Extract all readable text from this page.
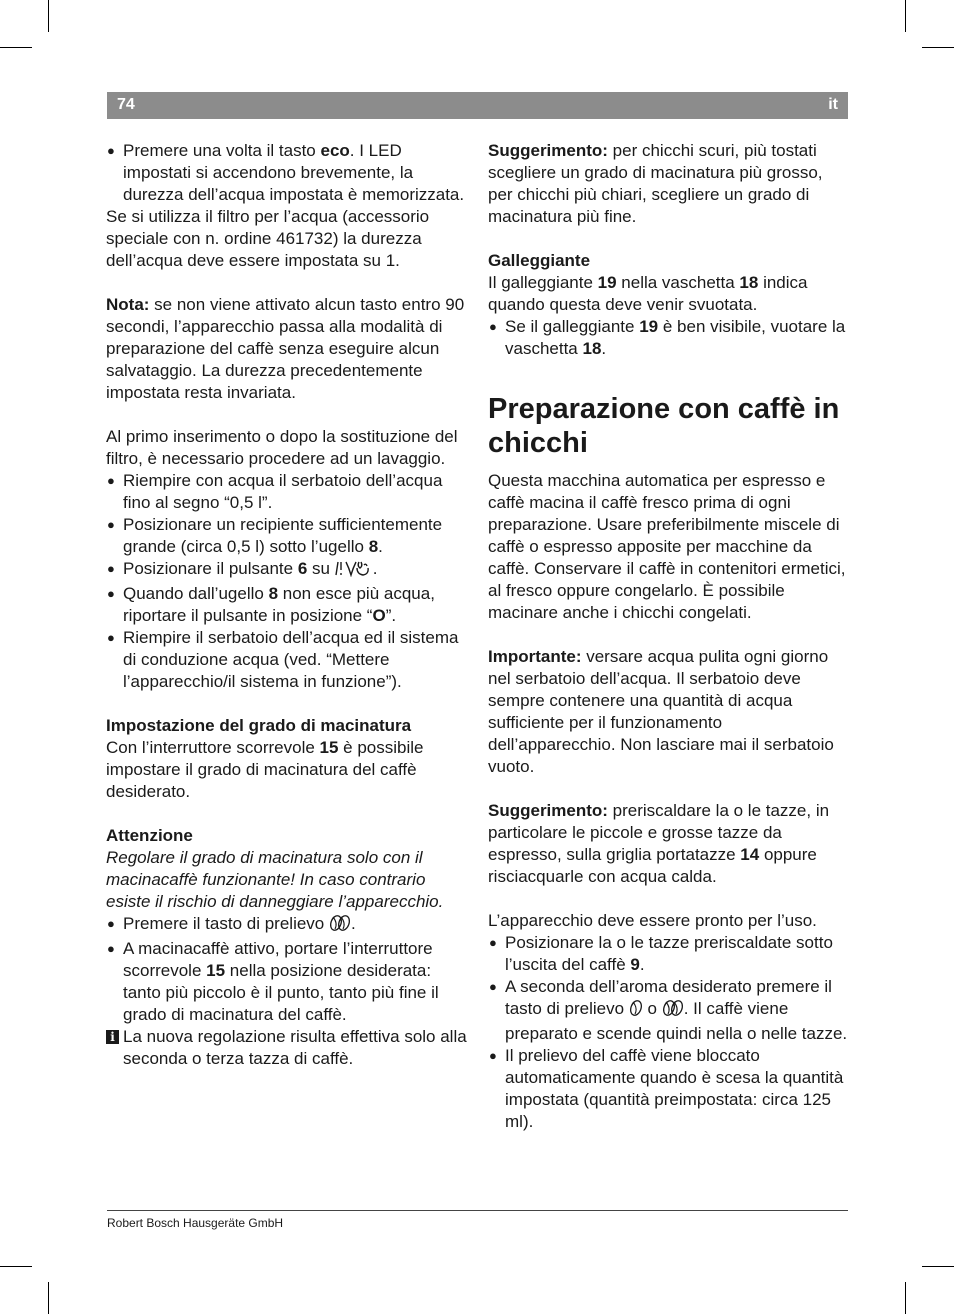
74	it

● Premere una volta il tasto eco. I LED impostati si accendono brevemente, la durezza dell’acqua impostata è memorizzata.

Se si utilizza il filtro per l’acqua (accessorio speciale con n. ordine 461732) la durezza dell’acqua deve essere impostata su 1.

Nota: se non viene attivato alcun tasto entro 90 secondi, l’apparecchio passa alla modalità di preparazione del caffè senza eseguire alcun salvataggio. La durezza precedentemente impostata resta invariata.

Al primo inserimento o dopo la sostituzione del filtro, è necessario procedere ad un lavaggio.

● Riempire con acqua il serbatoio dell’acqua fino al segno “0,5 l”.

● Posizionare un recipiente sufficientemente grande (circa 0,5 l) sotto l’ugello 8.

● Posizionare il pulsante 6 su .

● Quando dall’ugello 8 non esce più acqua, riportare il pulsante in posizione “O”.

● Riempire il serbatoio dell’acqua ed il sistema di conduzione acqua (ved. “Mettere l’apparecchio/il sistema in funzione”).

Impostazione del grado di macinatura

Con l’interruttore scorrevole 15 è possibile impostare il grado di macinatura del caffè desiderato.

Attenzione

Regolare il grado di macinatura solo con il macinacaffè funzionante! In caso contrario esiste il rischio di danneggiare l’apparecchio.

● Premere il tasto di prelievo .

● A macinacaffè attivo, portare l’interruttore scorrevole 15 nella posizione desiderata: tanto più piccolo è il punto, tanto più fine il grado di macinatura del caffè.

i La nuova regolazione risulta effettiva solo alla seconda o terza tazza di caffè.

Suggerimento: per chicchi scuri, più tostati scegliere un grado di macinatura più grosso, per chicchi più chiari, scegliere un grado di macinatura più fine.

Galleggiante

Il galleggiante 19 nella vaschetta 18 indica quando questa deve venir svuotata.

● Se il galleggiante 19 è ben visibile, vuotare la vaschetta 18.

Preparazione con caffè in chicchi

Questa macchina automatica per espresso e caffè macina il caffè fresco prima di ogni preparazione. Usare preferibilmente miscele di caffè o espresso apposite per macchine da caffè. Conservare il caffè in contenitori ermetici, al fresco oppure congelarlo. È possibile macinare anche i chicchi congelati.

Importante: versare acqua pulita ogni giorno nel serbatoio dell’acqua. Il serbatoio deve sempre contenere una quantità di acqua sufficiente per il funzionamento dell’apparecchio. Non lasciare mai il serbatoio vuoto.

Suggerimento: preriscaldare la o le tazze, in particolare le piccole e grosse tazze da espresso, sulla griglia portatazze 14 oppure risciacquarle con acqua calda.

L’apparecchio deve essere pronto per l’uso.

● Posizionare la o le tazze preriscaldate sotto l’uscita del caffè 9.

● A seconda dell’aroma desiderato premere il tasto di prelievo  o . Il caffè viene preparato e scende quindi nella o nelle tazze.

● Il prelievo del caffè viene bloccato automaticamente quando è scesa la quantità impostata (quantità preimpostata: circa 125 ml).

Robert Bosch Hausgeräte GmbH
